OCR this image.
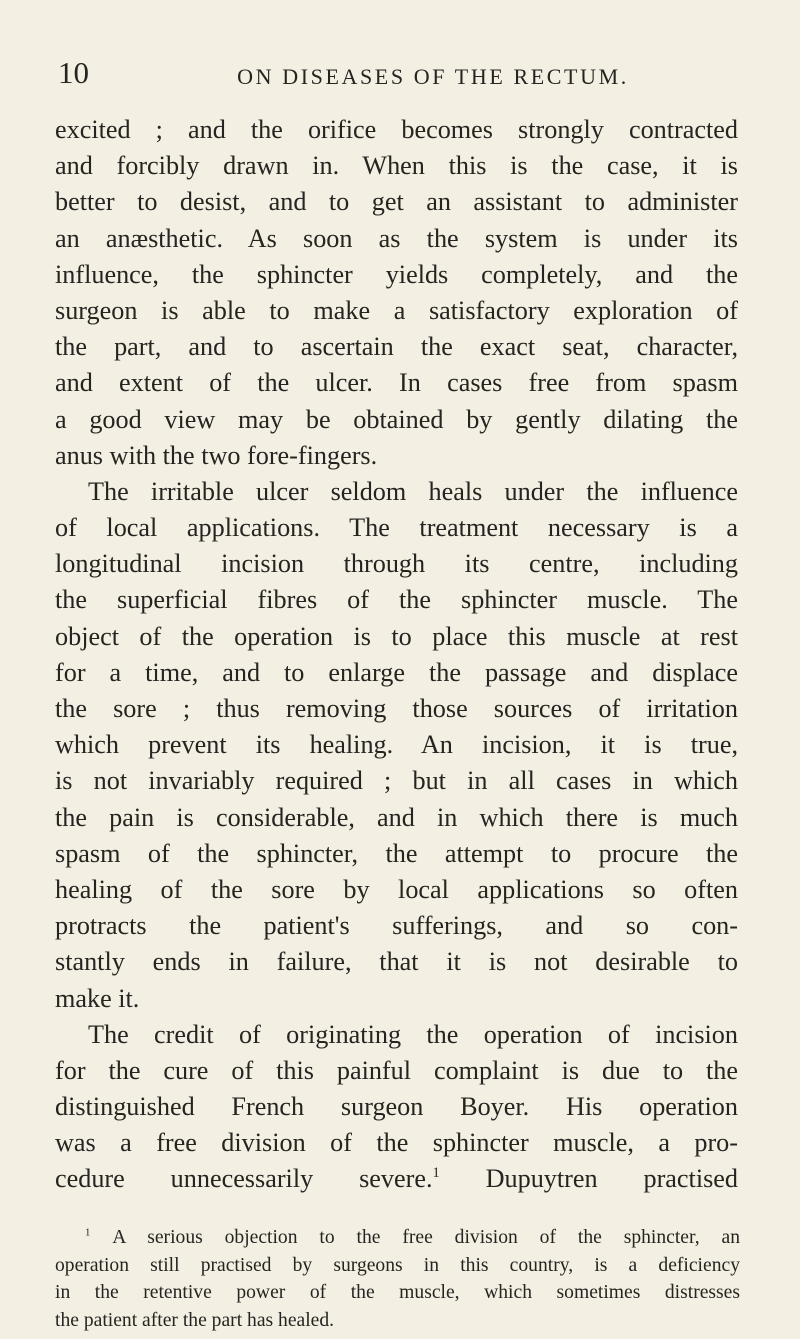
10	ON DISEASES OF THE RECTUM.
excited ; and the orifice becomes strongly contracted
and forcibly drawn in. When this is the case, it is
better to desist, and to get an assistant to administer
an anæsthetic. As soon as the system is under its
influence, the sphincter yields completely, and the
surgeon is able to make a satisfactory exploration of
the part, and to ascertain the exact seat, character,
and extent of the ulcer. In cases free from spasm
a good view may be obtained by gently dilating the
anus with the two fore-fingers.
The irritable ulcer seldom heals under the influence
of local applications. The treatment necessary is a
longitudinal incision through its centre, including
the superficial fibres of the sphincter muscle. The
object of the operation is to place this muscle at rest
for a time, and to enlarge the passage and displace
the sore ; thus removing those sources of irritation
which prevent its healing. An incision, it is true,
is not invariably required ; but in all cases in which
the pain is considerable, and in which there is much
spasm of the sphincter, the attempt to procure the
healing of the sore by local applications so often
protracts the patient's sufferings, and so con-
stantly ends in failure, that it is not desirable to
make it.
The credit of originating the operation of incision
for the cure of this painful complaint is due to the
distinguished French surgeon Boyer. His operation
was a free division of the sphincter muscle, a pro-
cedure unnecessarily severe.$^1$ Dupuytren practised
$^1$ A serious objection to the free division of the sphincter, an
operation still practised by surgeons in this country, is a deficiency
in the retentive power of the muscle, which sometimes distresses
the patient after the part has healed.
